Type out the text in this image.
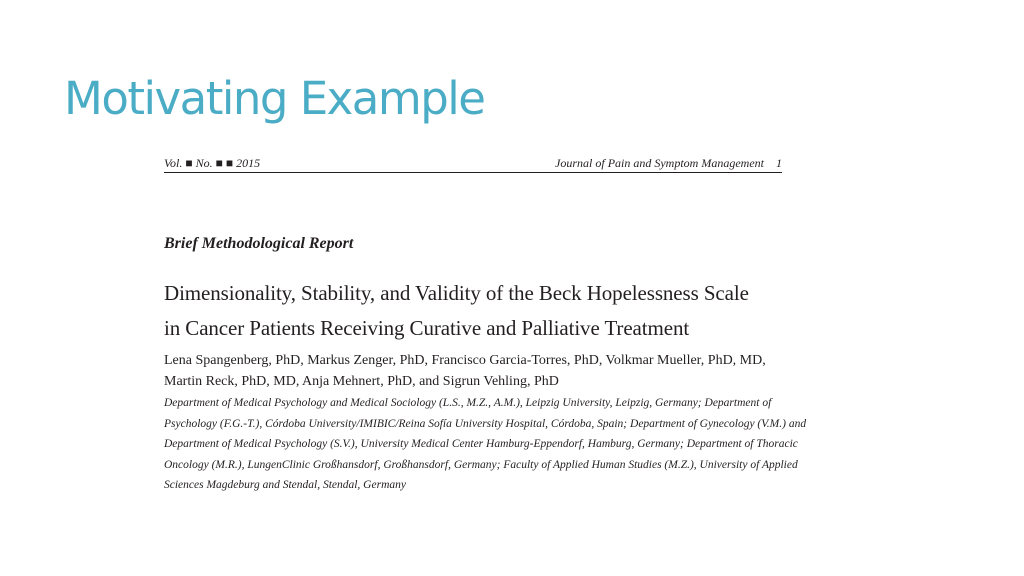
Motivating Example
Vol. ■ No. ■ ■ 2015	Journal of Pain and Symptom Management 1
Brief Methodological Report
Dimensionality, Stability, and Validity of the Beck Hopelessness Scale
in Cancer Patients Receiving Curative and Palliative Treatment
Lena Spangenberg, PhD, Markus Zenger, PhD, Francisco Garcia-Torres, PhD, Volkmar Mueller, PhD, MD,
Martin Reck, PhD, MD, Anja Mehnert, PhD, and Sigrun Vehling, PhD
Department of Medical Psychology and Medical Sociology (L.S., M.Z., A.M.), Leipzig University, Leipzig, Germany; Department of
Psychology (F.G.-T.), Córdoba University/IMIBIC/Reina Sofía University Hospital, Córdoba, Spain; Department of Gynecology (V.M.) and
Department of Medical Psychology (S.V.), University Medical Center Hamburg-Eppendorf, Hamburg, Germany; Department of Thoracic
Oncology (M.R.), LungenClinic Großhansdorf, Großhansdorf, Germany; Faculty of Applied Human Studies (M.Z.), University of Applied
Sciences Magdeburg and Stendal, Stendal, Germany
